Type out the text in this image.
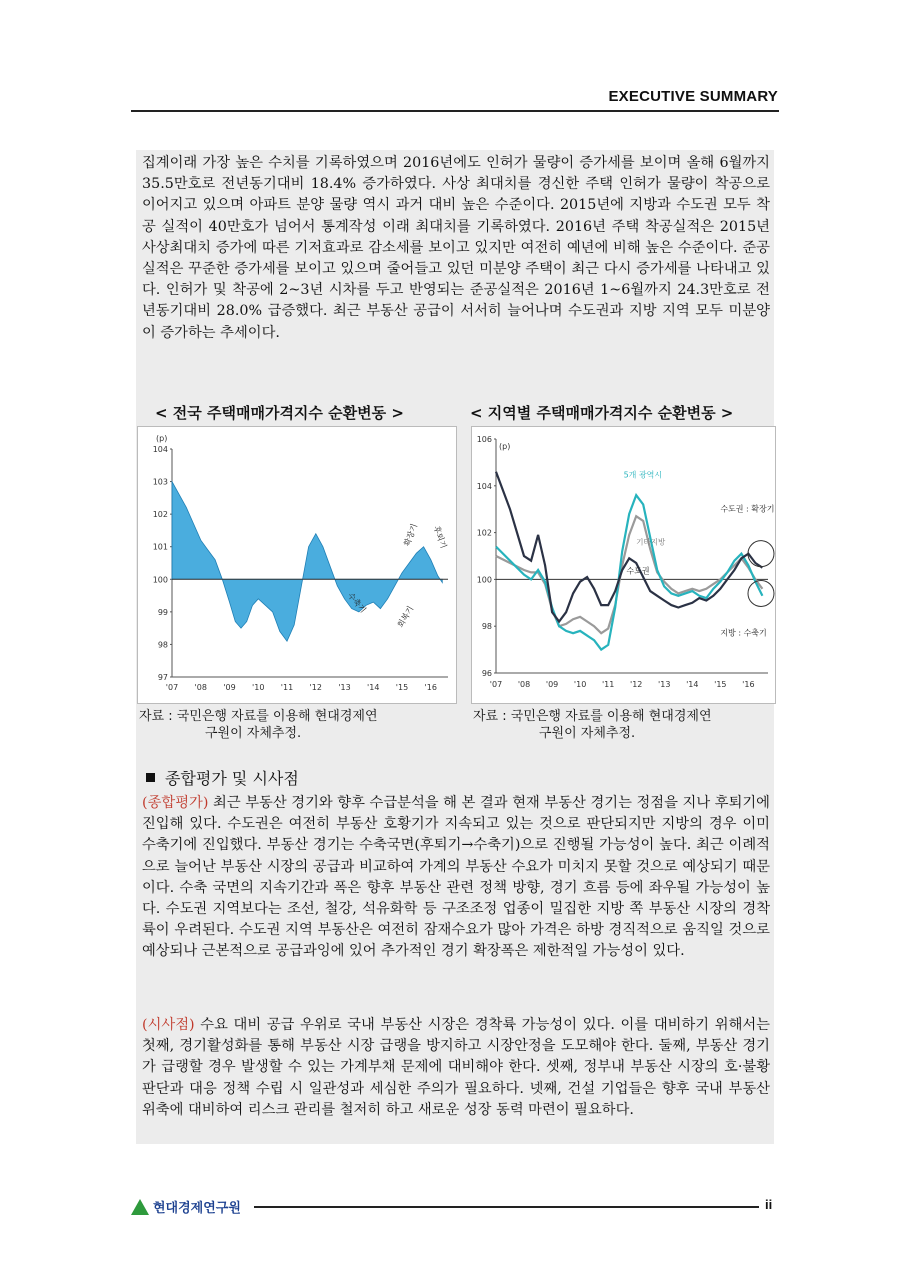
EXECUTIVE SUMMARY
집계이래 가장 높은 수치를 기록하였으며 2016년에도 인허가 물량이 증가세를 보이며 올해 6월까지 35.5만호로 전년동기대비 18.4% 증가하였다. 사상 최대치를 경신한 주택 인허가 물량이 착공으로 이어지고 있으며 아파트 분양 물량 역시 과거 대비 높은 수준이다. 2015년에 지방과 수도권 모두 착공 실적이 40만호가 넘어서 통계작성 이래 최대치를 기록하였다. 2016년 주택 착공실적은 2015년 사상최대치 증가에 따른 기저효과로 감소세를 보이고 있지만 여전히 예년에 비해 높은 수준이다. 준공실적은 꾸준한 증가세를 보이고 있으며 줄어들고 있던 미분양 주택이 최근 다시 증가세를 나타내고 있다. 인허가 및 착공에 2~3년 시차를 두고 반영되는 준공실적은 2016년 1~6월까지 24.3만호로 전년동기대비 28.0% 급증했다. 최근 부동산 공급이 서서히 늘어나며 수도권과 지방 지역 모두 미분양이 증가하는 추세이다.
< 전국 주택매매가격지수 순환변동 >	< 지역별 주택매매가격지수 순환변동 >
(p)
97
98
99
100
101
102
103
104
'07 '08 '09 '10 '11 '12 '13 '14 '15 '16
확장기 후퇴기
수축기
회복기
(p)
96
98
100
102
104
106
'07 '08 '09 '10 '11 '12 '13 '14 '15 '16
5개 광역시
수도권 : 확장기
기타지방
수도권
지방 : 수축기
자료 : 국민은행 자료를 이용해 현대경제연
구원이 자체추정.
자료 : 국민은행 자료를 이용해 현대경제연
구원이 자체추정.
종합평가 및 시사점
(종합평가) 최근 부동산 경기와 향후 수급분석을 해 본 결과 현재 부동산 경기는 정점을 지나 후퇴기에 진입해 있다. 수도권은 여전히 부동산 호황기가 지속되고 있는 것으로 판단되지만 지방의 경우 이미 수축기에 진입했다. 부동산 경기는 수축국면(후퇴기→수축기)으로 진행될 가능성이 높다. 최근 이례적으로 늘어난 부동산 시장의 공급과 비교하여 가계의 부동산 수요가 미치지 못할 것으로 예상되기 때문이다. 수축 국면의 지속기간과 폭은 향후 부동산 관련 정책 방향, 경기 흐름 등에 좌우될 가능성이 높다. 수도권 지역보다는 조선, 철강, 석유화학 등 구조조정 업종이 밀집한 지방 쪽 부동산 시장의 경착륙이 우려된다. 수도권 지역 부동산은 여전히 잠재수요가 많아 가격은 하방 경직적으로 움직일 것으로 예상되나 근본적으로 공급과잉에 있어 추가적인 경기 확장폭은 제한적일 가능성이 있다.
(시사점) 수요 대비 공급 우위로 국내 부동산 시장은 경착륙 가능성이 있다. 이를 대비하기 위해서는 첫째, 경기활성화를 통해 부동산 시장 급랭을 방지하고 시장안정을 도모해야 한다. 둘째, 부동산 경기가 급랭할 경우 발생할 수 있는 가계부채 문제에 대비해야 한다. 셋째, 정부내 부동산 시장의 호·불황 판단과 대응 정책 수립 시 일관성과 세심한 주의가 필요하다. 넷째, 건설 기업들은 향후 국내 부동산 위축에 대비하여 리스크 관리를 철저히 하고 새로운 성장 동력 마련이 필요하다.
현대경제연구원	ii
